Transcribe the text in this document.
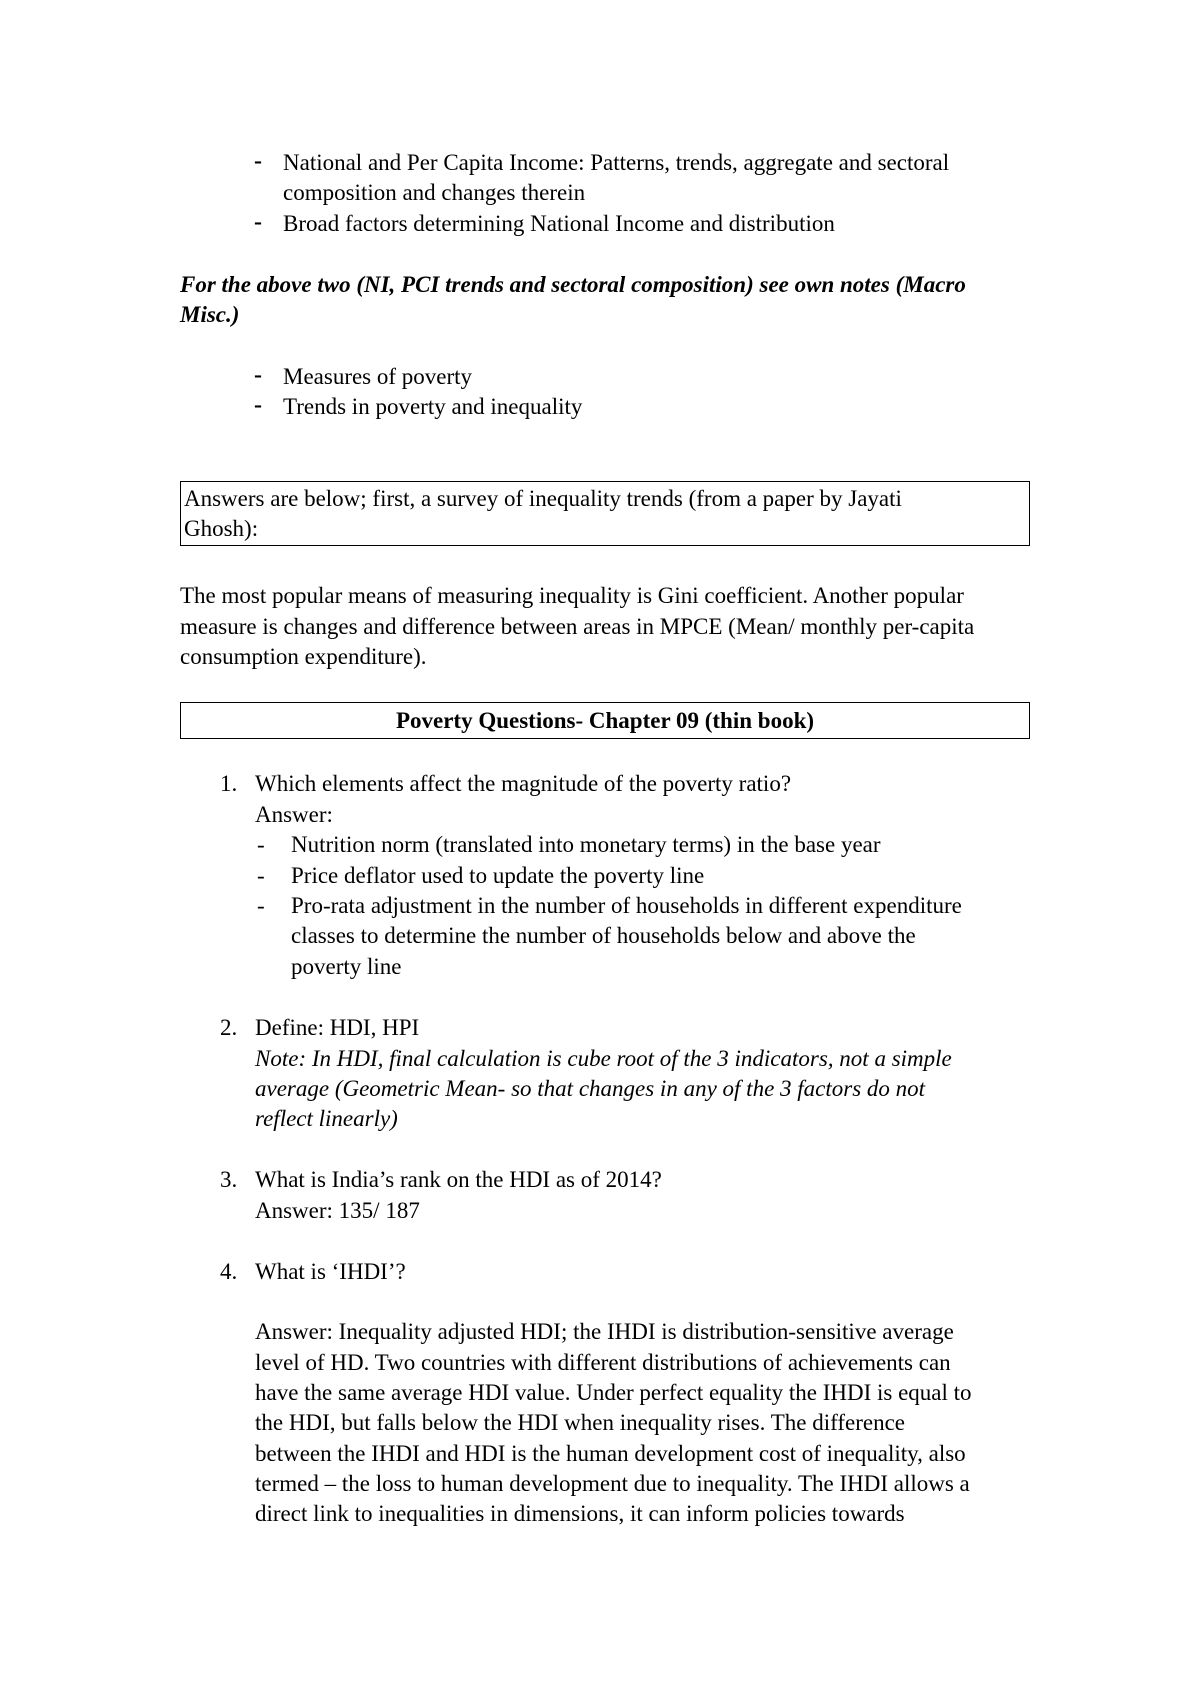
- National and Per Capita Income: Patterns, trends, aggregate and sectoral
composition and changes therein
- Broad factors determining National Income and distribution
For the above two (NI, PCI trends and sectoral composition) see own notes (Macro
Misc.)
- Measures of poverty
- Trends in poverty and inequality
Answers are below; first, a survey of inequality trends (from a paper by Jayati
Ghosh):
The most popular means of measuring inequality is Gini coefficient. Another popular
measure is changes and difference between areas in MPCE (Mean/ monthly per-capita
consumption expenditure).
Poverty Questions- Chapter 09 (thin book)
1. Which elements affect the magnitude of the poverty ratio?
Answer:
- Nutrition norm (translated into monetary terms) in the base year
- Price deflator used to update the poverty line
- Pro-rata adjustment in the number of households in different expenditure
classes to determine the number of households below and above the
poverty line
2. Define: HDI, HPI
Note: In HDI, final calculation is cube root of the 3 indicators, not a simple
average (Geometric Mean- so that changes in any of the 3 factors do not
reflect linearly)
3. What is India’s rank on the HDI as of 2014?
Answer: 135/ 187
4. What is ‘IHDI’?
Answer: Inequality adjusted HDI; the IHDI is distribution-sensitive average
level of HD. Two countries with different distributions of achievements can
have the same average HDI value. Under perfect equality the IHDI is equal to
the HDI, but falls below the HDI when inequality rises. The difference
between the IHDI and HDI is the human development cost of inequality, also
termed – the loss to human development due to inequality. The IHDI allows a
direct link to inequalities in dimensions, it can inform policies towards
